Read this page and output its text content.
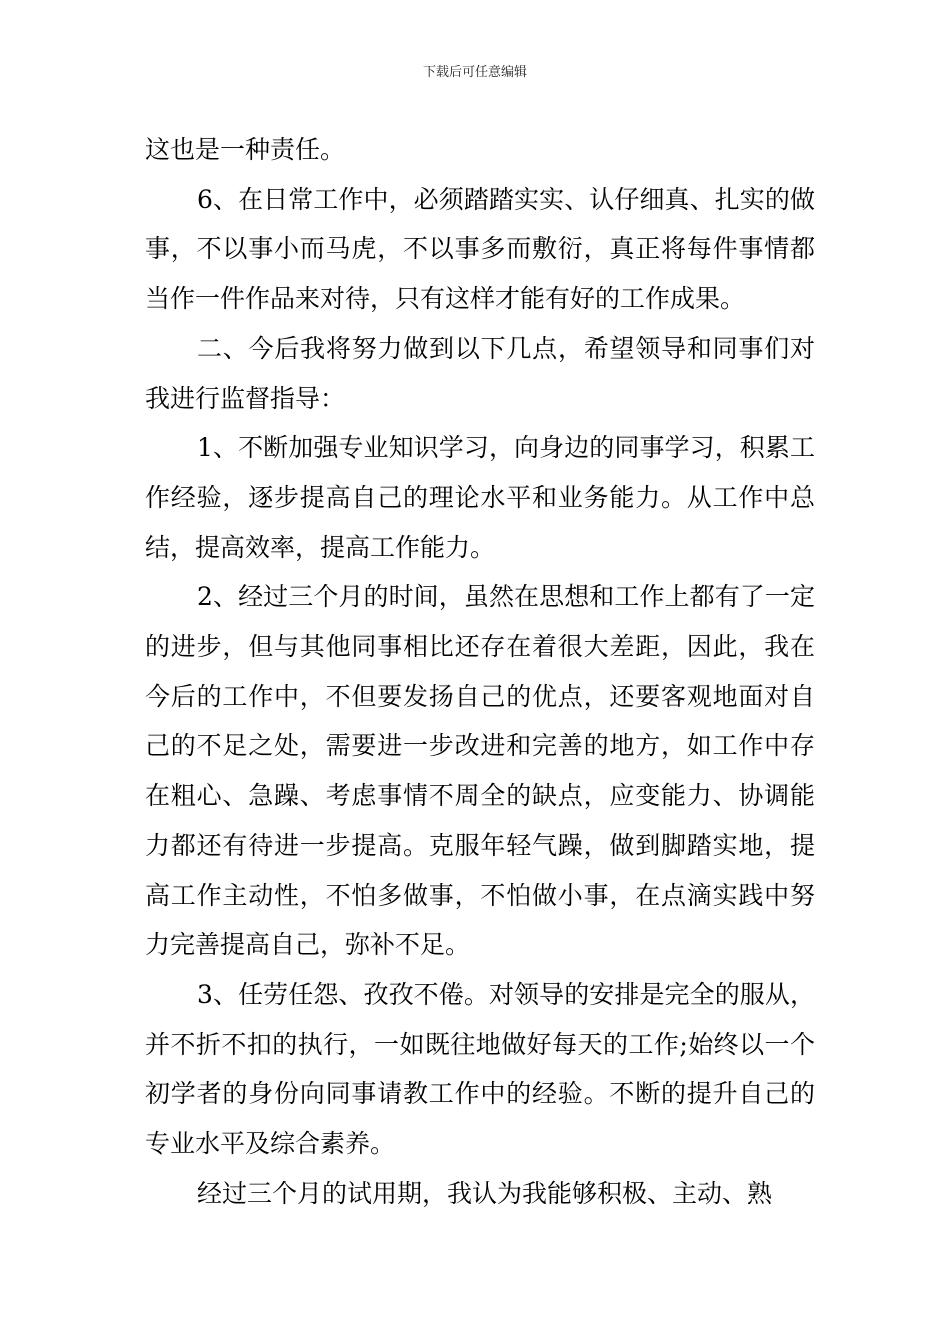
下载后可任意编辑

这也是一种责任。

6、在日常工作中，必须踏踏实实、认仔细真、扎实的做事，不以事小而马虎，不以事多而敷衍，真正将每件事情都当作一件作品来对待，只有这样才能有好的工作成果。

二、今后我将努力做到以下几点，希望领导和同事们对我进行监督指导：

1、不断加强专业知识学习，向身边的同事学习，积累工作经验，逐步提高自己的理论水平和业务能力。从工作中总结，提高效率，提高工作能力。

2、经过三个月的时间，虽然在思想和工作上都有了一定的进步，但与其他同事相比还存在着很大差距，因此，我在今后的工作中，不但要发扬自己的优点，还要客观地面对自己的不足之处，需要进一步改进和完善的地方，如工作中存在粗心、急躁、考虑事情不周全的缺点，应变能力、协调能力都还有待进一步提高。克服年轻气躁，做到脚踏实地，提高工作主动性，不怕多做事，不怕做小事，在点滴实践中努力完善提高自己，弥补不足。

3、任劳任怨、孜孜不倦。对领导的安排是完全的服从，并不折不扣的执行，一如既往地做好每天的工作;始终以一个初学者的身份向同事请教工作中的经验。不断的提升自己的专业水平及综合素养。

经过三个月的试用期，我认为我能够积极、主动、熟
